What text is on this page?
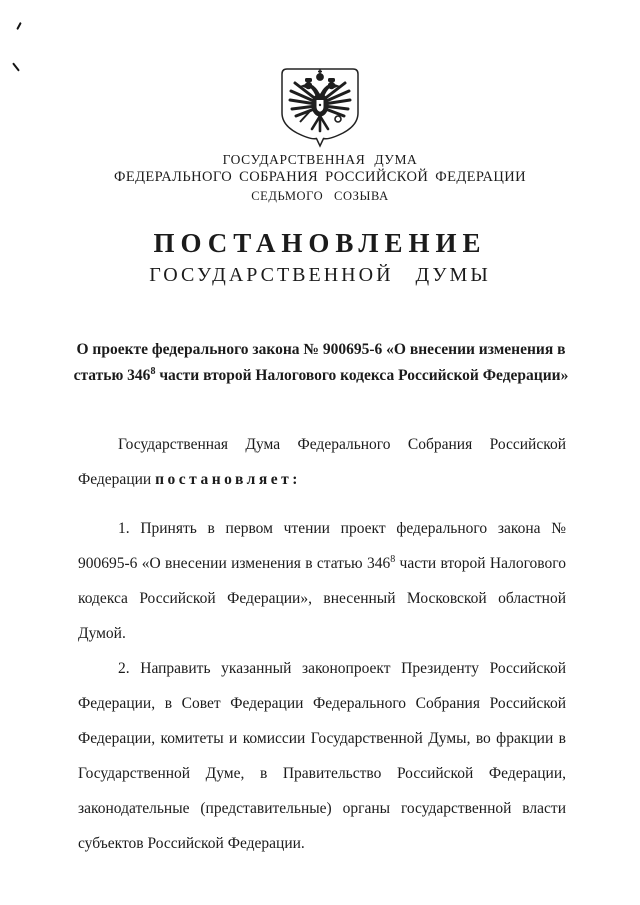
ГОСУДАРСТВЕННАЯ ДУМА
ФЕДЕРАЛЬНОГО СОБРАНИЯ РОССИЙСКОЙ ФЕДЕРАЦИИ
СЕДЬМОГО СОЗЫВА
ПОСТАНОВЛЕНИЕ
ГОСУДАРСТВЕННОЙ ДУМЫ
О проекте федерального закона № 900695-6 «О внесении изменения в статью $346^8$ части второй Налогового кодекса Российской Федерации»

Государственная Дума Федерального Собрания Российской Федерации постановляет:

1. Принять в первом чтении проект федерального закона № 900695-6 «О внесении изменения в статью $346^8$ части второй Налогового кодекса Российской Федерации», внесенный Московской областной Думой.

2. Направить указанный законопроект Президенту Российской Федерации, в Совет Федерации Федерального Собрания Российской Федерации, комитеты и комиссии Государственной Думы, во фракции в Государственной Думе, в Правительство Российской Федерации, законодательные (представительные) органы государственной власти субъектов Российской Федерации.
